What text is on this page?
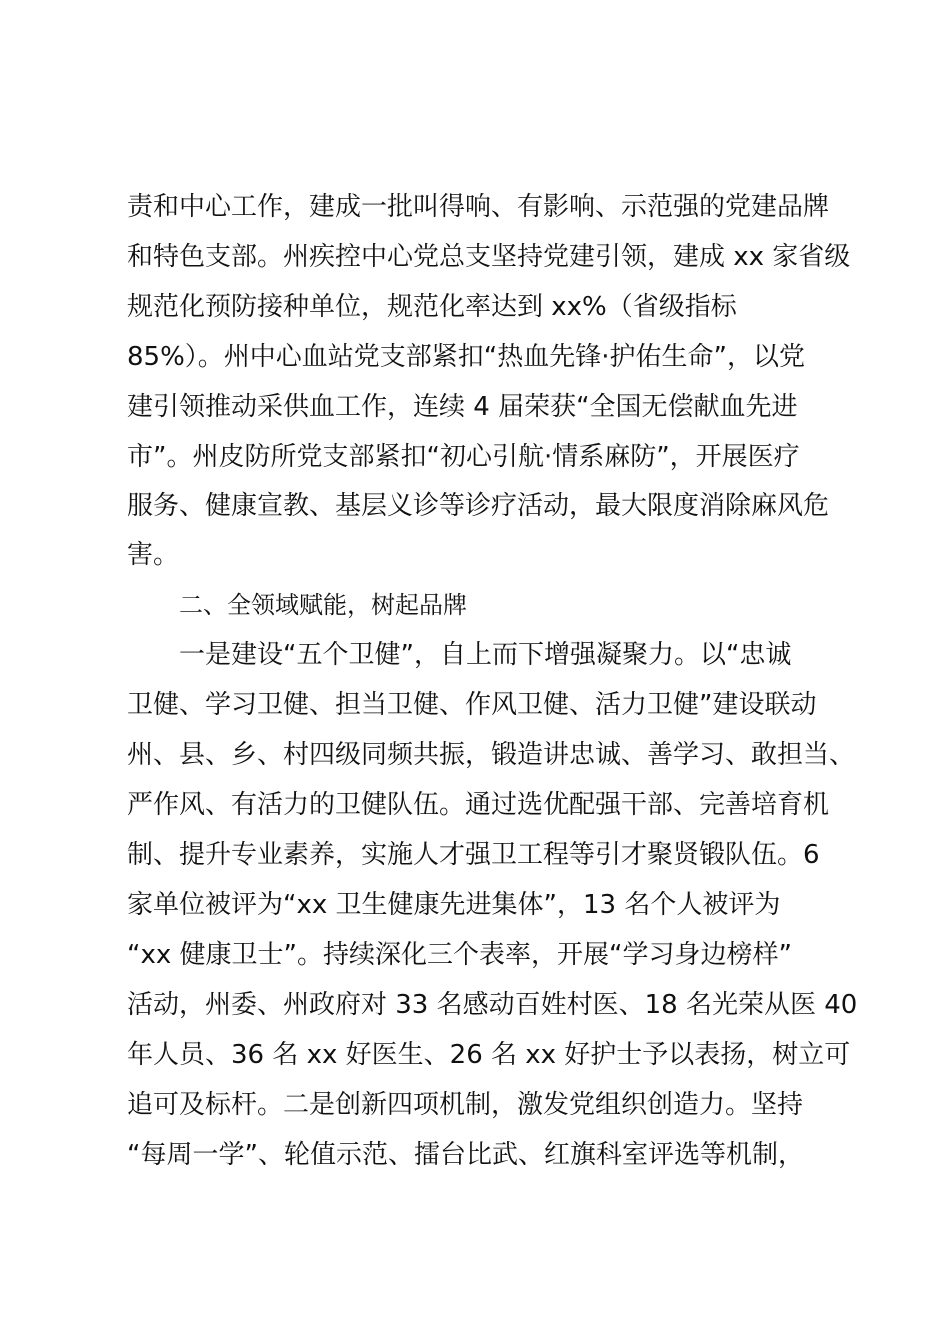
责和中心工作，建成一批叫得响、有影响、示范强的党建品牌
和特色支部。州疾控中心党总支坚持党建引领，建成 xx 家省级
规范化预防接种单位，规范化率达到 xx%（省级指标
85%）。州中心血站党支部紧扣“热血先锋·护佑生命”，以党
建引领推动采供血工作，连续 4 届荣获“全国无偿献血先进
市”。州皮防所党支部紧扣“初心引航·情系麻防”，开展医疗
服务、健康宣教、基层义诊等诊疗活动，最大限度消除麻风危
害。
二、全领域赋能，树起品牌
一是建设“五个卫健”，自上而下增强凝聚力。以“忠诚
卫健、学习卫健、担当卫健、作风卫健、活力卫健”建设联动
州、县、乡、村四级同频共振，锻造讲忠诚、善学习、敢担当、
严作风、有活力的卫健队伍。通过选优配强干部、完善培育机
制、提升专业素养，实施人才强卫工程等引才聚贤锻队伍。6
家单位被评为“xx 卫生健康先进集体”，13 名个人被评为
“xx 健康卫士”。持续深化三个表率，开展“学习身边榜样”
活动，州委、州政府对 33 名感动百姓村医、18 名光荣从医 40
年人员、36 名 xx 好医生、26 名 xx 好护士予以表扬，树立可
追可及标杆。二是创新四项机制，激发党组织创造力。坚持
“每周一学”、轮值示范、擂台比武、红旗科室评选等机制，
